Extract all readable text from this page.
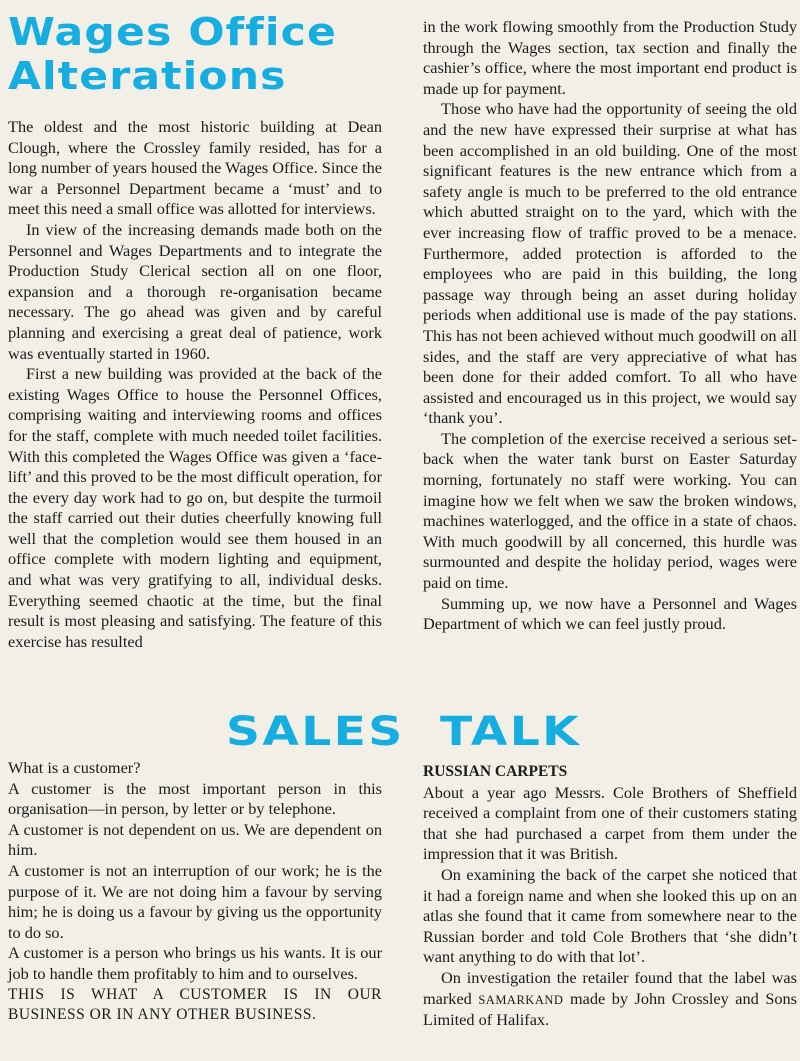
Wages Office
Alterations

The oldest and the most historic building at Dean Clough, where the Crossley family resided, has for a long number of years housed the Wages Office. Since the war a Personnel Department became a ‘must’ and to meet this need a small office was allotted for interviews.

In view of the increasing demands made both on the Personnel and Wages Departments and to integrate the Production Study Clerical section all on one floor, expansion and a thorough re-organisation became necessary. The go ahead was given and by careful planning and exercising a great deal of patience, work was eventually started in 1960.

First a new building was provided at the back of the existing Wages Office to house the Personnel Offices, comprising waiting and interviewing rooms and offices for the staff, complete with much needed toilet facilities. With this completed the Wages Office was given a ‘face-lift’ and this proved to be the most difficult operation, for the every day work had to go on, but despite the turmoil the staff carried out their duties cheerfully knowing full well that the completion would see them housed in an office complete with modern lighting and equipment, and what was very gratifying to all, individual desks. Everything seemed chaotic at the time, but the final result is most pleasing and satisfying. The feature of this exercise has resulted

in the work flowing smoothly from the Production Study through the Wages section, tax section and finally the cashier’s office, where the most important end product is made up for payment.

Those who have had the opportunity of seeing the old and the new have expressed their surprise at what has been accomplished in an old building. One of the most significant features is the new entrance which from a safety angle is much to be preferred to the old entrance which abutted straight on to the yard, which with the ever increasing flow of traffic proved to be a menace. Furthermore, added protection is afforded to the employees who are paid in this building, the long passage way through being an asset during holiday periods when additional use is made of the pay stations. This has not been achieved without much goodwill on all sides, and the staff are very appreciative of what has been done for their added comfort. To all who have assisted and encouraged us in this project, we would say ‘thank you’.

The completion of the exercise received a serious set-back when the water tank burst on Easter Saturday morning, fortunately no staff were working. You can imagine how we felt when we saw the broken windows, machines waterlogged, and the office in a state of chaos. With much goodwill by all concerned, this hurdle was surmounted and despite the holiday period, wages were paid on time.

Summing up, we now have a Personnel and Wages Department of which we can feel justly proud.

SALES TALK

What is a customer?

A customer is the most important person in this organisation—in person, by letter or by telephone.

A customer is not dependent on us. We are dependent on him.

A customer is not an interruption of our work; he is the purpose of it. We are not doing him a favour by serving him; he is doing us a favour by giving us the opportunity to do so.

A customer is a person who brings us his wants. It is our job to handle them profitably to him and to ourselves.

THIS IS WHAT A CUSTOMER IS IN OUR BUSINESS OR IN ANY OTHER BUSINESS.

RUSSIAN CARPETS

About a year ago Messrs. Cole Brothers of Sheffield received a complaint from one of their customers stating that she had purchased a carpet from them under the impression that it was British.

On examining the back of the carpet she noticed that it had a foreign name and when she looked this up on an atlas she found that it came from somewhere near to the Russian border and told Cole Brothers that ‘she didn’t want anything to do with that lot’.

On investigation the retailer found that the label was marked SAMARKAND made by John Crossley and Sons Limited of Halifax.
